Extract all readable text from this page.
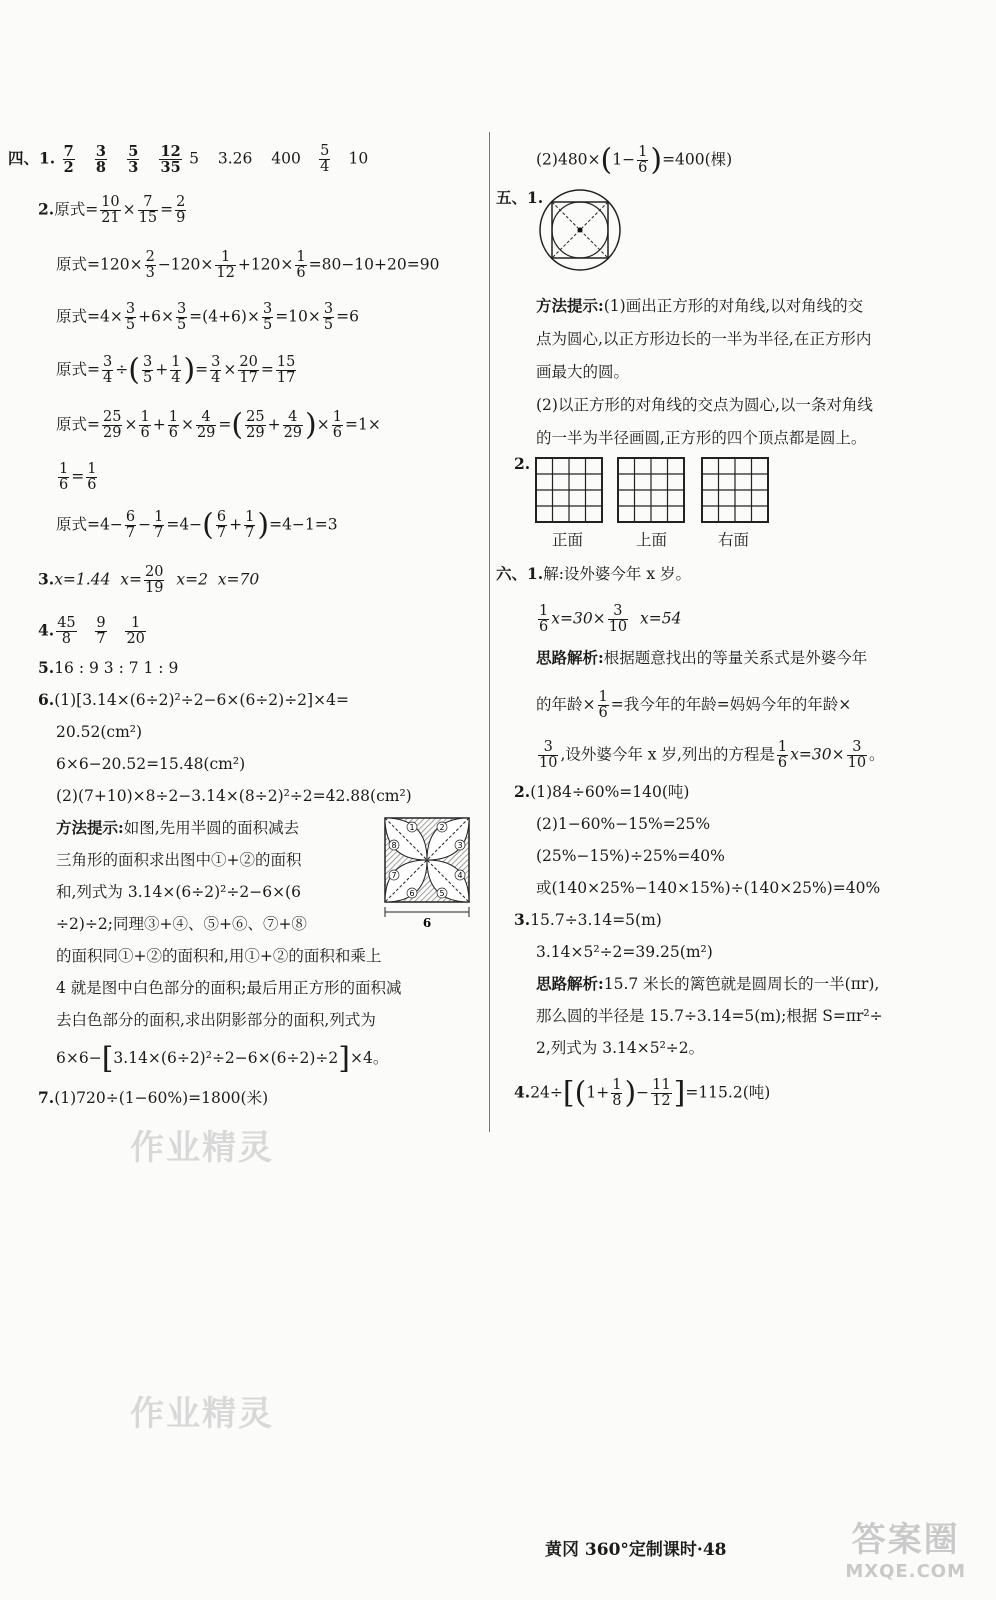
四、1. $\frac{7}{2}$
$\frac{3}{8}$
$\frac{5}{3}$
$\frac{12}{35} 5$ 3.26 $400 \frac{5}{4} 10$
2.原式= $\frac{10}{21} \times \frac{7}{15} = \frac{2}{9}$
原式$=120\times \frac{2}{3} -120\times \frac{1}{12} +120\times \frac{1}{6} =80-10+20=90$
原式$=4\times \frac{3}{5} +6\times \frac{3}{5} =(4+6)\times \frac{3}{5} =10\times \frac{3}{5} =6$
原式= $\frac{3}{4}$ ÷( $\frac{3}{5} + \frac{1}{4}$ )= $\frac{3}{4} \times \frac{20}{17} = \frac{15}{17}$
原式= $\frac{25}{29} \times \frac{1}{6} + \frac{1}{6} \times \frac{4}{29}$ =( $\frac{25}{29} + \frac{4}{29}$ )× $\frac{1}{6} =1\times$
$\frac{1}{6} = \frac{1}{6}$
原式$=4- \frac{6}{7} - \frac{1}{7} =4-( \frac{6}{7} + \frac{1}{7} )=4-1=3$
3.x=1.44 $x= \frac{20}{19} x=2$ x=70
4. $\frac{45}{8}$
$\frac{9}{7}$
$\frac{1}{20}$
5.16 : 9 3 : 7 1 : 9
6.(1)[3.14×(6÷2)²÷2−6×(6÷2)÷2]×4=
20.52(cm²)
6×6−20.52=15.48(cm²)
(2)(7+10)×8÷2−3.14×(8÷2)²÷2=42.88(cm²)
方法提示:如图,先用半圆的面积减去
三角形的面积求出图中①+②的面积
和,列式为 3.14×(6÷2)²÷2−6×(6
÷2)÷2;同理③+④、⑤+⑥、⑦+⑧
的面积同①+②的面积和,用①+②的面积和乘上
4 就是图中白色部分的面积;最后用正方形的面积减
去白色部分的面积,求出阴影部分的面积,列式为
6×6−[3.14×(6÷2)²÷2−6×(6÷2)÷2]×4。
1	2
3
4
5
6
7
8
6
7.(1)720÷(1−60%)=1800(米)
$(2)480\times(1- \frac{1}{6} )=400$(棵)
五、1.
方法提示:(1)画出正方形的对角线,以对角线的交
点为圆心,以正方形边长的一半为半径,在正方形内
画最大的圆。
(2)以正方形的对角线的交点为圆心,以一条对角线
的一半为半径画圆,正方形的四个顶点都是圆上。
2.
正面	上面	右面
六、1.解:设外婆今年 x 岁。
$\frac{1}{6} x=30\times \frac{3}{10} x=54$
思路解析:根据题意找出的等量关系式是外婆今年
的年龄× $\frac{1}{6}$ =我今年的年龄=妈妈今年的年龄×
$\frac{3}{10}$ ,设外婆今年 x 岁,列出的方程是 $\frac{1}{6} x=30\times \frac{3}{10}$ 。
2.(1)84÷60%=140(吨)
(2)1−60%−15%=25%
(25%−15%)÷25%=40%
或(140×25%−140×15%)÷(140×25%)=40%
3.15.7÷3.14=5(m)
3.14×5²÷2=39.25(m²)
思路解析:15.7 米长的篱笆就是圆周长的一半(πr),
那么圆的半径是 15.7÷3.14=5(m);根据 S=πr²÷
2,列式为 3.14×5²÷2。
$4.24\div[(1+ \frac{1}{8}$ )− $\frac{11}{12} ]=115.2$(吨)
作业精灵
作业精灵
黄冈 360°定制课时·48	答案圈
MXQE.COM
